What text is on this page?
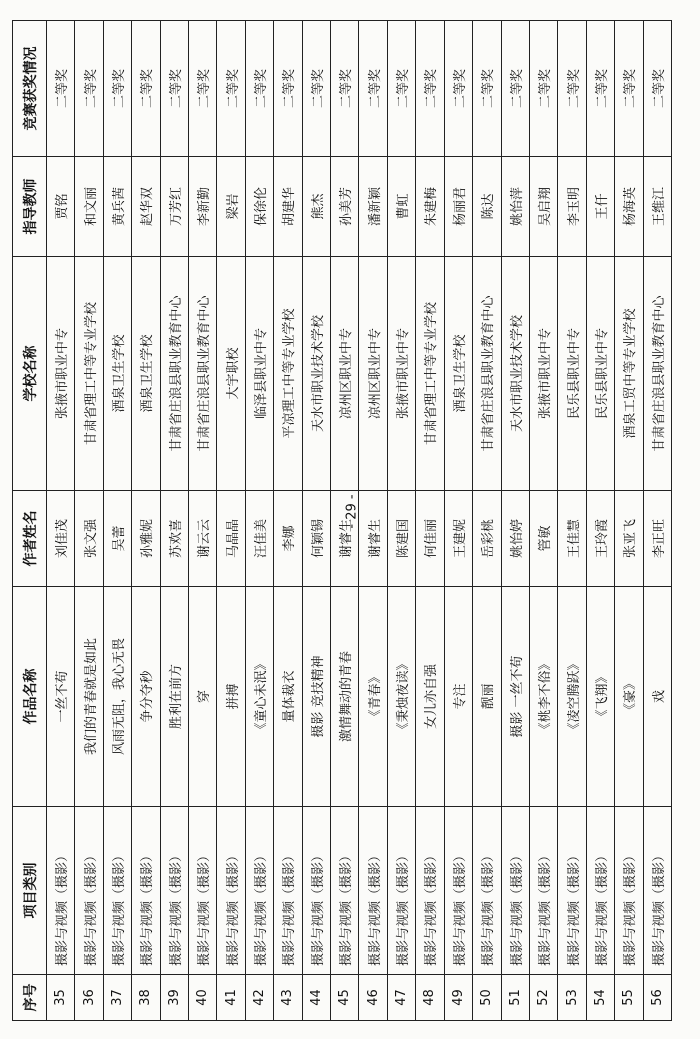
序号	项目类别	作品名称	作者姓名	学校名称	指导教师	竞赛获奖情况
35	摄影与视频（摄影）	一丝不苟	刘佳茂	张掖市职业中专	贾铭	二等奖
36	摄影与视频（摄影）	我们的青春就是如此	张文强	甘肃省理工中等专业学校	和文丽	二等奖
37	摄影与视频（摄影）	风雨无阻，我心无畏	吴蕾	酒泉卫生学校	黄兵茜	二等奖
38	摄影与视频（摄影）	争分夺秒	孙雅妮	酒泉卫生学校	赵华双	二等奖
39	摄影与视频（摄影）	胜利在前方	苏欢喜	甘肃省庄浪县职业教育中心	万芳红	二等奖
40	摄影与视频（摄影）	穿	谢云云	甘肃省庄浪县职业教育中心	李新勤	二等奖
41	摄影与视频（摄影）	拼搏	马晶晶	大宇职校	梁岩	二等奖
42	摄影与视频（摄影）	《童心未泯》	汪佳美	临泽县职业中专	保徐伦	二等奖
43	摄影与视频（摄影）	量体裁衣	李娜	平凉理工中等专业学校	胡建华	二等奖
44	摄影与视频（摄影）	摄影 竞技精神	何颖锡	天水市职业技术学校	熊杰	二等奖
45	摄影与视频（摄影）	激情舞动的青春	谢睿生	凉州区职业中专	孙美芳	二等奖
46	摄影与视频（摄影）	《青春》	谢睿生	凉州区职业中专	潘新颖	二等奖
47	摄影与视频（摄影）	《秉烛夜读》	陈建国	张掖市职业中专	曹虹	二等奖
48	摄影与视频（摄影）	女儿亦自强	何佳丽	甘肃省理工中等专业学校	朱建梅	二等奖
49	摄影与视频（摄影）	专注	王建妮	酒泉卫生学校	杨丽君	二等奖
50	摄影与视频（摄影）	靓丽	岳彩桃	甘肃省庄浪县职业教育中心	陈达	二等奖
51	摄影与视频（摄影）	摄影 一丝不苟	姚怡婷	天水市职业技术学校	姚怡萍	二等奖
52	摄影与视频（摄影）	《桃李不俗》	管敏	张掖市职业中专	吴启翔	二等奖
53	摄影与视频（摄影）	《凌空腾跃》	王佳慧	民乐县职业中专	李玉明	二等奖
54	摄影与视频（摄影）	《飞翔》	王玲霞	民乐县职业中专	王仟	二等奖
55	摄影与视频（摄影）	《豪》	张亚飞	酒泉工贸中等专业学校	杨海英	二等奖
56	摄影与视频（摄影）	戏	李正旺	甘肃省庄浪县职业教育中心	王维江	二等奖
- 29 -
